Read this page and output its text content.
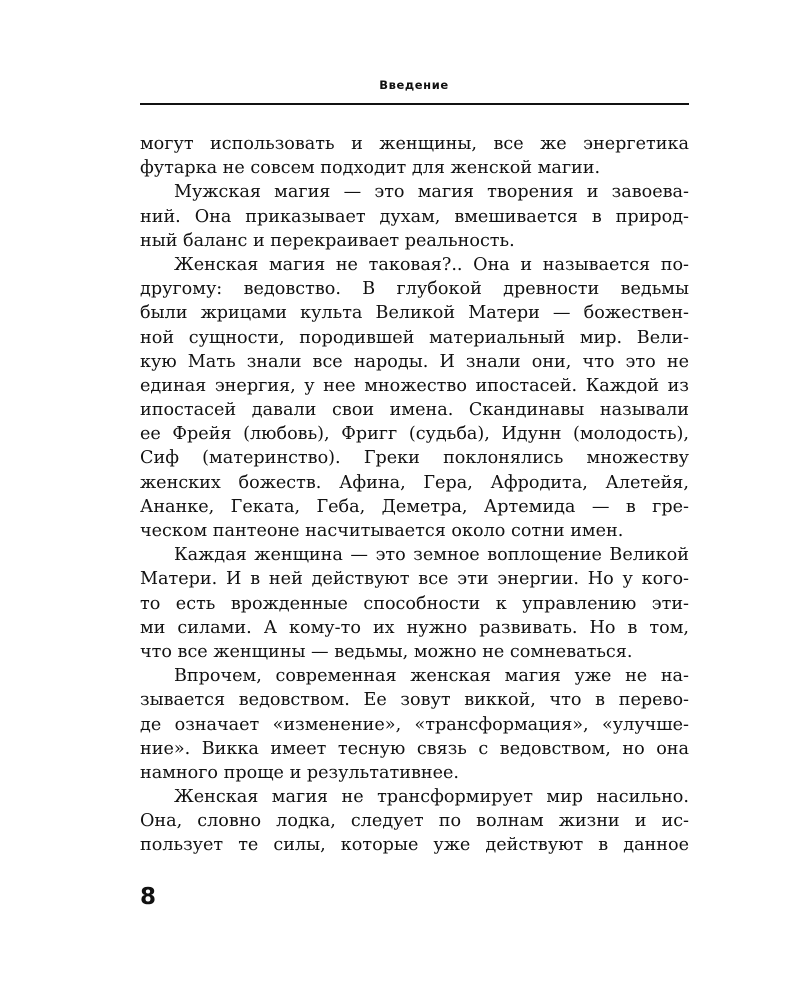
Введение
могут использовать и женщины, все же энергетика
футарка не совсем подходит для женской магии.
Мужская магия — это магия творения и завоева-
ний. Она приказывает духам, вмешивается в природ-
ный баланс и перекраивает реальность.
Женская магия не таковая?.. Она и называется по-
другому: ведовство. В глубокой древности ведьмы
были жрицами культа Великой Матери — божествен-
ной сущности, породившей материальный мир. Вели-
кую Мать знали все народы. И знали они, что это не
единая энергия, у нее множество ипостасей. Каждой из
ипостасей давали свои имена. Скандинавы называли
ее Фрейя (любовь), Фригг (судьба), Идунн (молодость),
Сиф (материнство). Греки поклонялись множеству
женских божеств. Афина, Гера, Афродита, Алетейя,
Ананке, Геката, Геба, Деметра, Артемида — в гре-
ческом пантеоне насчитывается около сотни имен.
Каждая женщина — это земное воплощение Великой
Матери. И в ней действуют все эти энергии. Но у кого-
то есть врожденные способности к управлению эти-
ми силами. А кому-то их нужно развивать. Но в том,
что все женщины — ведьмы, можно не сомневаться.
Впрочем, современная женская магия уже не на-
зывается ведовством. Ее зовут виккой, что в перево-
де означает «изменение», «трансформация», «улучше-
ние». Викка имеет тесную связь с ведовством, но она
намного проще и результативнее.
Женская магия не трансформирует мир насильно.
Она, словно лодка, следует по волнам жизни и ис-
пользует те силы, которые уже действуют в данное
8
